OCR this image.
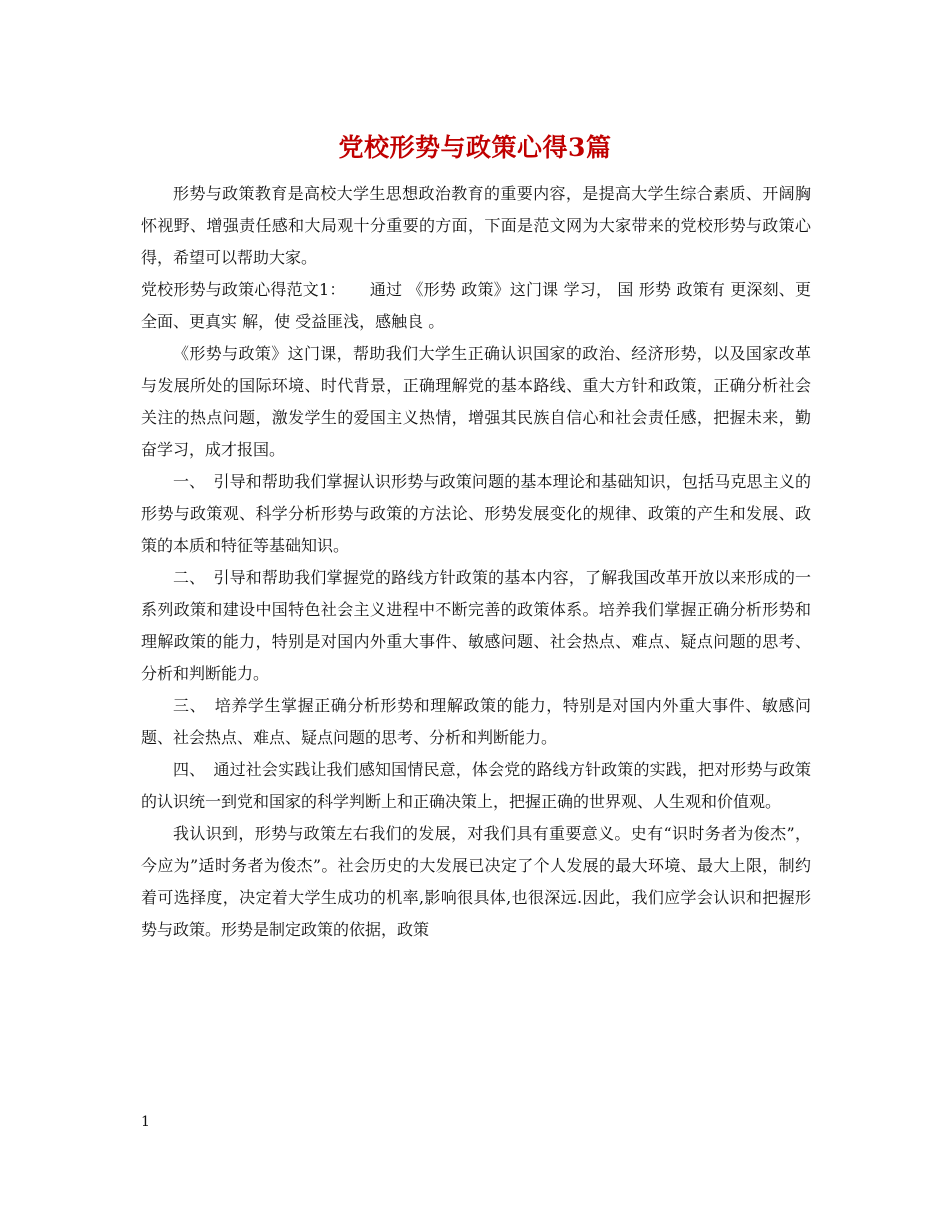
党校形势与政策心得3篇

形势与政策教育是高校大学生思想政治教育的重要内容，是提高大学生综合素质、开阔胸怀视野、增强责任感和大局观十分重要的方面，下面是范文网为大家带来的党校形势与政策心得，希望可以帮助大家。

党校形势与政策心得范文1：　　通过 《形势 政策》这门课 学习， 国 形势 政策有 更深刻、更全面、更真实 解，使 受益匪浅，感触良 。

《形势与政策》这门课，帮助我们大学生正确认识国家的政治、经济形势，以及国家改革与发展所处的国际环境、时代背景，正确理解党的基本路线、重大方针和政策，正确分析社会关注的热点问题，激发学生的爱国主义热情，增强其民族自信心和社会责任感，把握未来，勤奋学习，成才报国。

一、　引导和帮助我们掌握认识形势与政策问题的基本理论和基础知识，包括马克思主义的形势与政策观、科学分析形势与政策的方法论、形势发展变化的规律、政策的产生和发展、政策的本质和特征等基础知识。

二、　引导和帮助我们掌握党的路线方针政策的基本内容，了解我国改革开放以来形成的一系列政策和建设中国特色社会主义进程中不断完善的政策体系。培养我们掌握正确分析形势和理解政策的能力，特别是对国内外重大事件、敏感问题、社会热点、难点、疑点问题的思考、分析和判断能力。

三、　培养学生掌握正确分析形势和理解政策的能力，特别是对国内外重大事件、敏感问题、社会热点、难点、疑点问题的思考、分析和判断能力。

四、　通过社会实践让我们感知国情民意，体会党的路线方针政策的实践，把对形势与政策的认识统一到党和国家的科学判断上和正确决策上，把握正确的世界观、人生观和价值观。

我认识到，形势与政策左右我们的发展，对我们具有重要意义。史有“识时务者为俊杰”，今应为”适时务者为俊杰”。社会历史的大发展已决定了个人发展的最大环境、最大上限，制约着可选择度，决定着大学生成功的机率,影响很具体,也很深远.因此，我们应学会认识和把握形势与政策。形势是制定政策的依据，政策

1
